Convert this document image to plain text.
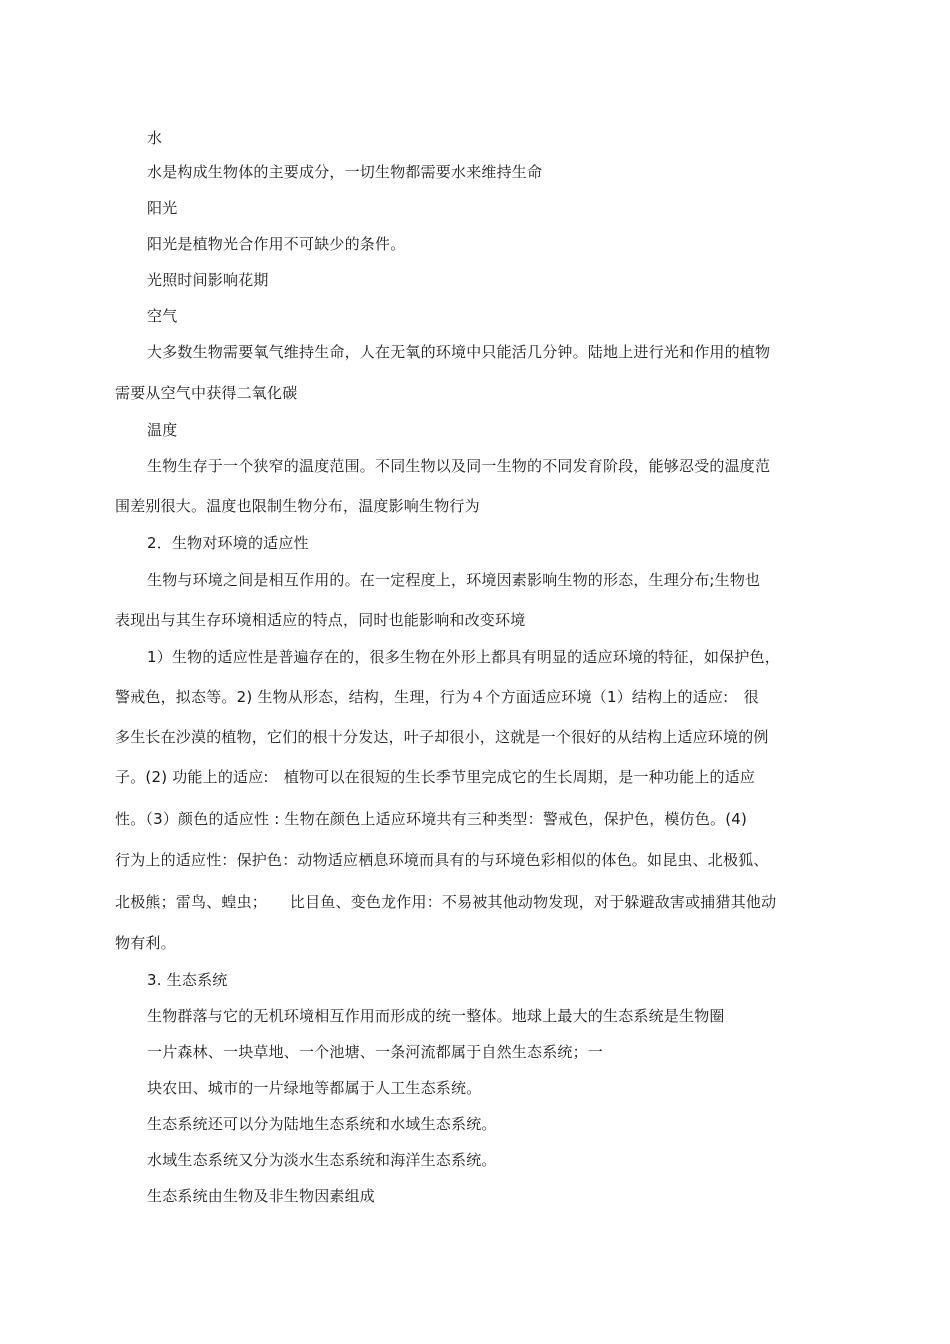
水
水是构成生物体的主要成分，一切生物都需要水来维持生命
阳光
阳光是植物光合作用不可缺少的条件。
光照时间影响花期
空气
大多数生物需要氧气维持生命，人在无氧的环境中只能活几分钟。陆地上进行光和作用的植物
需要从空气中获得二氧化碳
温度
生物生存于一个狭窄的温度范围。不同生物以及同一生物的不同发育阶段，能够忍受的温度范
围差别很大。温度也限制生物分布，温度影响生物行为
2．生物对环境的适应性
生物与环境之间是相互作用的。在一定程度上，环境因素影响生物的形态，生理分布;生物也
表现出与其生存环境相适应的特点，同时也能影响和改变环境
1）生物的适应性是普遍存在的，很多生物在外形上都具有明显的适应环境的特征，如保护色，
警戒色，拟态等。2) 生物从形态，结构，生理，行为４个方面适应环境（1）结构上的适应:　很
多生长在沙漠的植物，它们的根十分发达，叶子却很小，这就是一个很好的从结构上适应环境的例
子。(2) 功能上的适应:　植物可以在很短的生长季节里完成它的生长周期，是一种功能上的适应
性。（3）颜色的适应性 : 生物在颜色上适应环境共有三种类型：警戒色，保护色，模仿色。(4)
行为上的适应性：保护色：动物适应栖息环境而具有的与环境色彩相似的体色。如昆虫、北极狐、
北极熊；雷鸟、蝗虫；　　比目鱼、变色龙作用：不易被其他动物发现，对于躲避敌害或捕猎其他动
物有利。
3. 生态系统
生物群落与它的无机环境相互作用而形成的统一整体。地球上最大的生态系统是生物圈
一片森林、一块草地、一个池塘、一条河流都属于自然生态系统；一
块农田、城市的一片绿地等都属于人工生态系统。
生态系统还可以分为陆地生态系统和水域生态系统。
水域生态系统又分为淡水生态系统和海洋生态系统。
生态系统由生物及非生物因素组成
